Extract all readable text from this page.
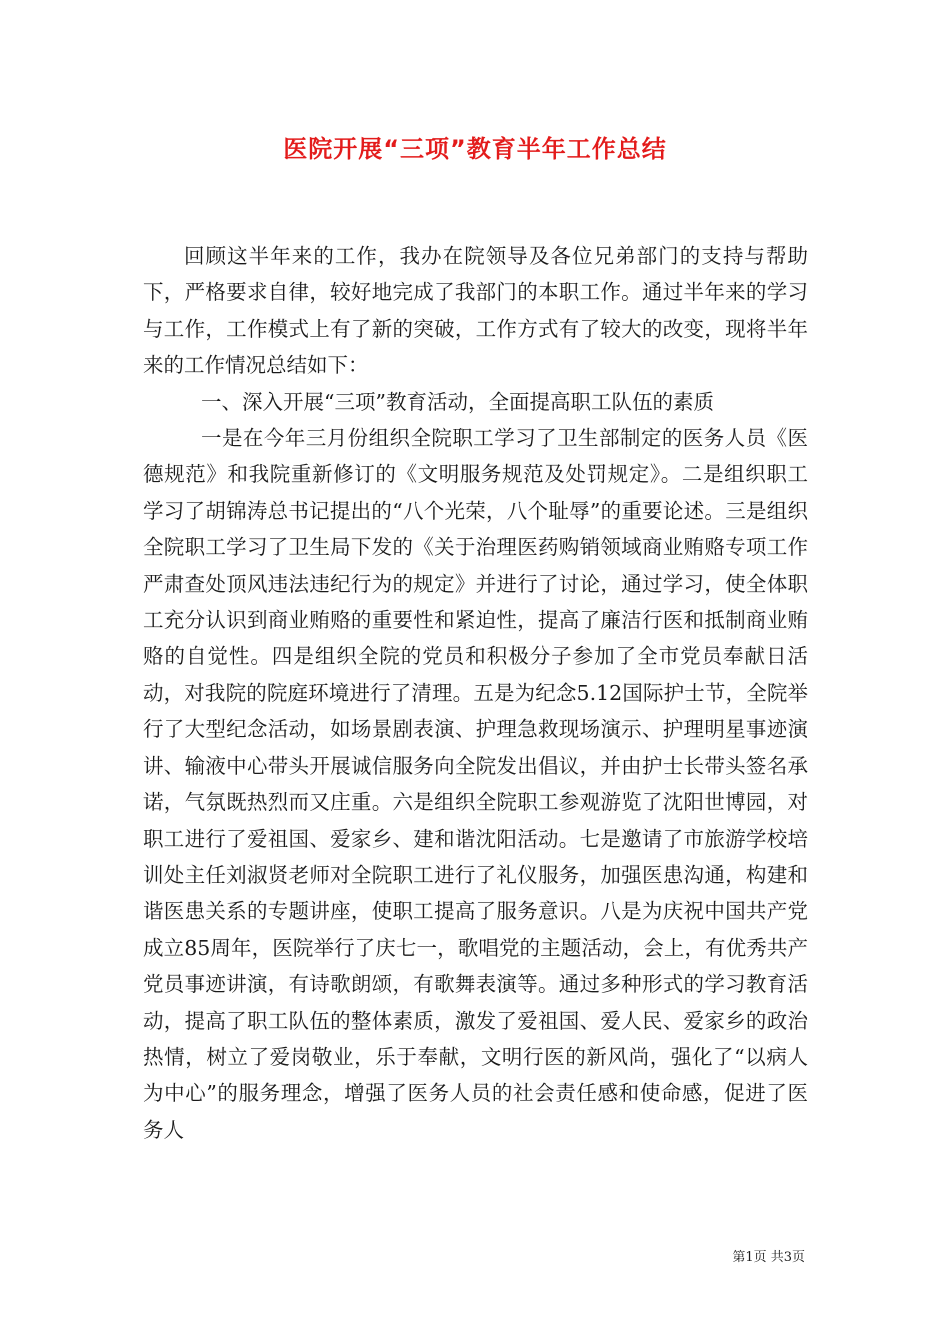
医院开展“三项”教育半年工作总结

回顾这半年来的工作，我办在院领导及各位兄弟部门的支持与帮助下，严格要求自律，较好地完成了我部门的本职工作。通过半年来的学习与工作，工作模式上有了新的突破，工作方式有了较大的改变，现将半年来的工作情况总结如下：

一、深入开展“三项”教育活动，全面提高职工队伍的素质

一是在今年三月份组织全院职工学习了卫生部制定的医务人员《医德规范》和我院重新修订的《文明服务规范及处罚规定》。二是组织职工学习了胡锦涛总书记提出的“八个光荣，八个耻辱”的重要论述。三是组织全院职工学习了卫生局下发的《关于治理医药购销领域商业贿赂专项工作严肃查处顶风违法违纪行为的规定》并进行了讨论，通过学习，使全体职工充分认识到商业贿赂的重要性和紧迫性，提高了廉洁行医和抵制商业贿赂的自觉性。四是组织全院的党员和积极分子参加了全市党员奉献日活动，对我院的院庭环境进行了清理。五是为纪念5.12国际护士节，全院举行了大型纪念活动，如场景剧表演、护理急救现场演示、护理明星事迹演讲、输液中心带头开展诚信服务向全院发出倡议，并由护士长带头签名承诺，气氛既热烈而又庄重。六是组织全院职工参观游览了沈阳世博园，对职工进行了爱祖国、爱家乡、建和谐沈阳活动。七是邀请了市旅游学校培训处主任刘淑贤老师对全院职工进行了礼仪服务，加强医患沟通，构建和谐医患关系的专题讲座，使职工提高了服务意识。八是为庆祝中国共产党成立85周年，医院举行了庆七一，歌唱党的主题活动，会上，有优秀共产党员事迹讲演，有诗歌朗颂，有歌舞表演等。通过多种形式的学习教育活动，提高了职工队伍的整体素质，激发了爱祖国、爱人民、爱家乡的政治热情，树立了爱岗敬业，乐于奉献，文明行医的新风尚，强化了“以病人为中心”的服务理念，增强了医务人员的社会责任感和使命感，促进了医务人

第1页 共3页
